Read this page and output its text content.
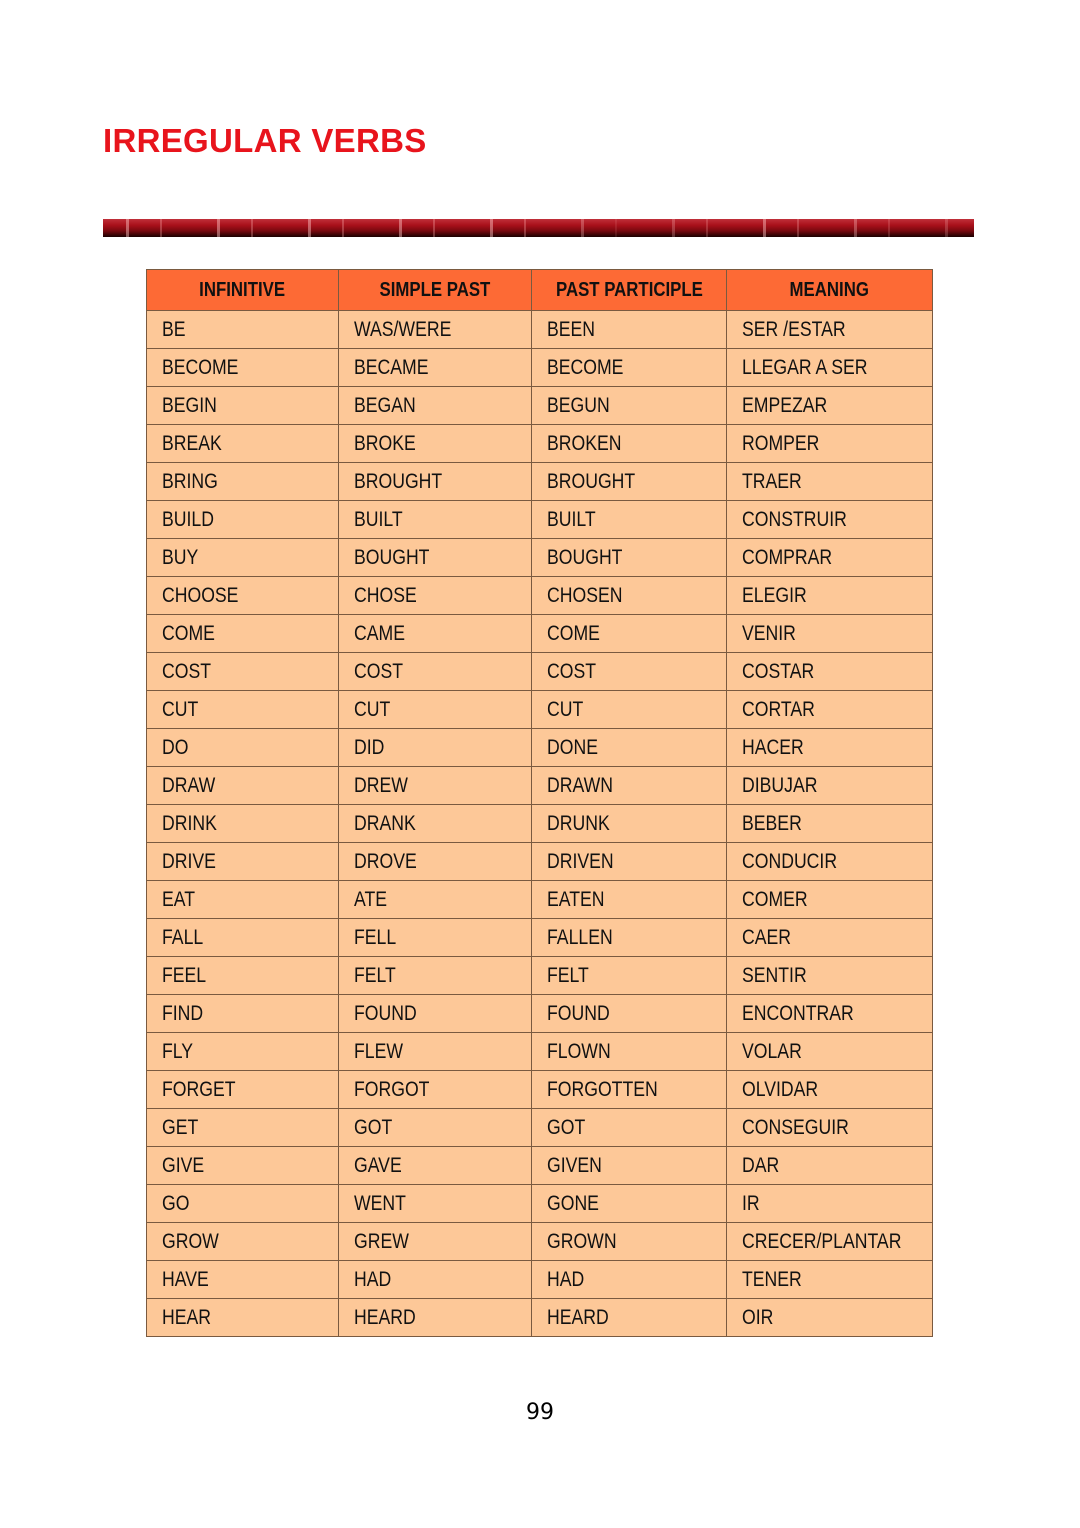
IRREGULAR VERBS
INFINITIVE	SIMPLE PAST	PAST PARTICIPLE	MEANING
BE	WAS/WERE	BEEN	SER /ESTAR
BECOME	BECAME	BECOME	LLEGAR A SER
BEGIN	BEGAN	BEGUN	EMPEZAR
BREAK	BROKE	BROKEN	ROMPER
BRING	BROUGHT	BROUGHT	TRAER
BUILD	BUILT	BUILT	CONSTRUIR
BUY	BOUGHT	BOUGHT	COMPRAR
CHOOSE	CHOSE	CHOSEN	ELEGIR
COME	CAME	COME	VENIR
COST	COST	COST	COSTAR
CUT	CUT	CUT	CORTAR
DO	DID	DONE	HACER
DRAW	DREW	DRAWN	DIBUJAR
DRINK	DRANK	DRUNK	BEBER
DRIVE	DROVE	DRIVEN	CONDUCIR
EAT	ATE	EATEN	COMER
FALL	FELL	FALLEN	CAER
FEEL	FELT	FELT	SENTIR
FIND	FOUND	FOUND	ENCONTRAR
FLY	FLEW	FLOWN	VOLAR
FORGET	FORGOT	FORGOTTEN	OLVIDAR
GET	GOT	GOT	CONSEGUIR
GIVE	GAVE	GIVEN	DAR
GO	WENT	GONE	IR
GROW	GREW	GROWN	CRECER/PLANTAR
HAVE	HAD	HAD	TENER
HEAR	HEARD	HEARD	OIR
99
